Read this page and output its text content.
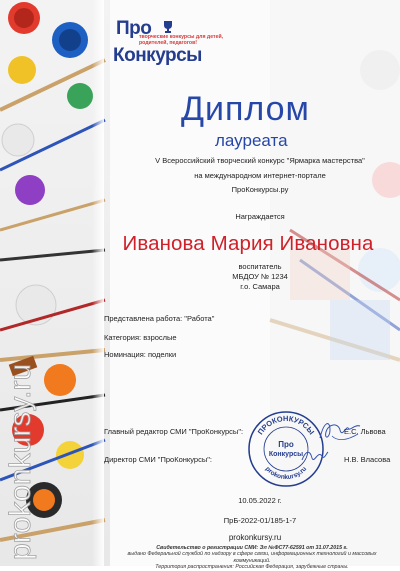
prokonkursy.ru
Про
творческие конкурсы для детей, родителей, педагогов!
Конкурсы
Диплом
лауреата
V Всероссийский творческий конкурс "Ярмарка мастерства"
на международном интернет-портале
ПроКонкурсы.ру
Награждается
Иванова Мария Ивановна
воспитатель
МБДОУ № 1234
г.о. Самара
Представлена работа: "Работа"
Категория: взрослые
Номинация: поделки
ПРОКОНКУРСЫ
prokonkursy.ru
Про
Конкурсы
Главный редактор СМИ "ПроКонкурсы":	Е.С. Львова
Директор СМИ "ПроКонкурсы":	Н.В. Власова
10.05.2022 г.
ПрБ-2022-01/185-1-7
prokonkursy.ru
Свидетельство о регистрации СМИ: Эл №ФС77-62591 от 31.07.2015 г.
выдано Федеральной службой по надзору в сфере связи, информационных технологий и массовых коммуникаций.
Территория распространения: Российская Федерация, зарубежные страны.
